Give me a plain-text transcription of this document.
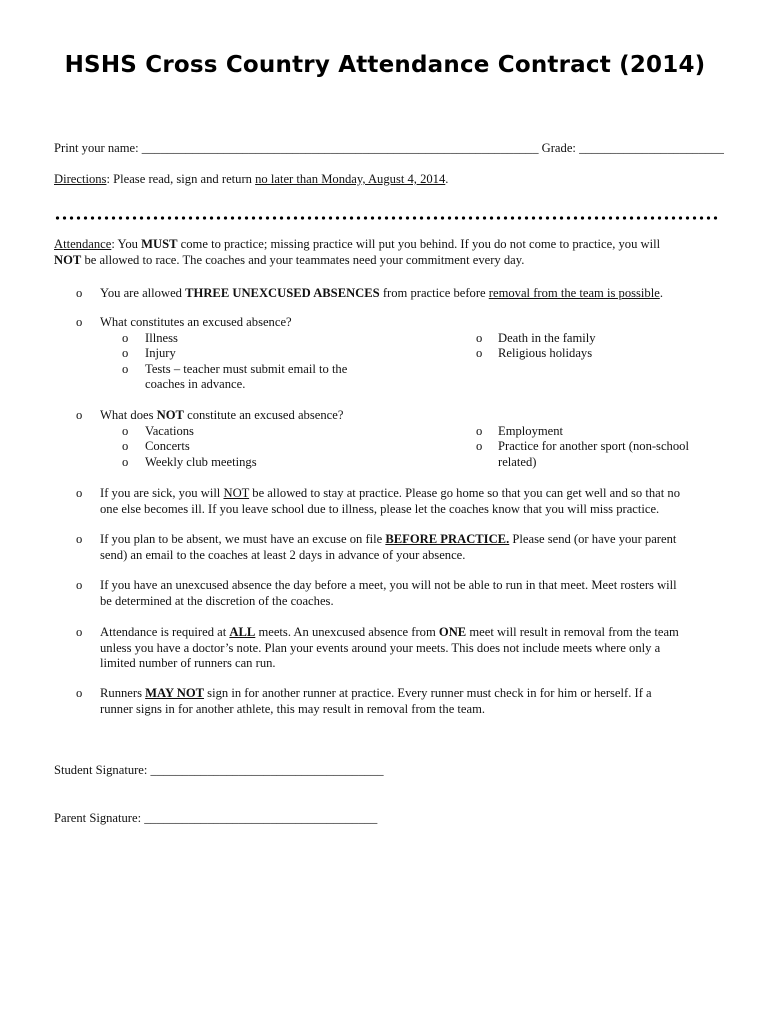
HSHS Cross Country Attendance Contract (2014)
Print your name: _______________________________________________________________ Grade: _______________________
Directions: Please read, sign and return no later than Monday, August 4, 2014.
Attendance: You MUST come to practice; missing practice will put you behind. If you do not come to practice, you will
NOT be allowed to race. The coaches and your teammates need your commitment every day.
o You are allowed THREE UNEXCUSED ABSENCES from practice before removal from the team is possible.
o What constitutes an excused absence?
o Illness
o Injury
o Tests – teacher must submit email to the
coaches in advance.
o Death in the family
o Religious holidays
o What does NOT constitute an excused absence?
o Vacations
o Concerts
o Weekly club meetings
o Employment
o Practice for another sport (non-school
related)
o If you are sick, you will NOT be allowed to stay at practice. Please go home so that you can get well and so that no
one else becomes ill. If you leave school due to illness, please let the coaches know that you will miss practice.
o If you plan to be absent, we must have an excuse on file BEFORE PRACTICE. Please send (or have your parent
send) an email to the coaches at least 2 days in advance of your absence.
o If you have an unexcused absence the day before a meet, you will not be able to run in that meet. Meet rosters will
be determined at the discretion of the coaches.
o Attendance is required at ALL meets. An unexcused absence from ONE meet will result in removal from the team
unless you have a doctor’s note. Plan your events around your meets. This does not include meets where only a
limited number of runners can run.
o Runners MAY NOT sign in for another runner at practice. Every runner must check in for him or herself. If a
runner signs in for another athlete, this may result in removal from the team.
Student Signature: _____________________________________
Parent Signature: _____________________________________
